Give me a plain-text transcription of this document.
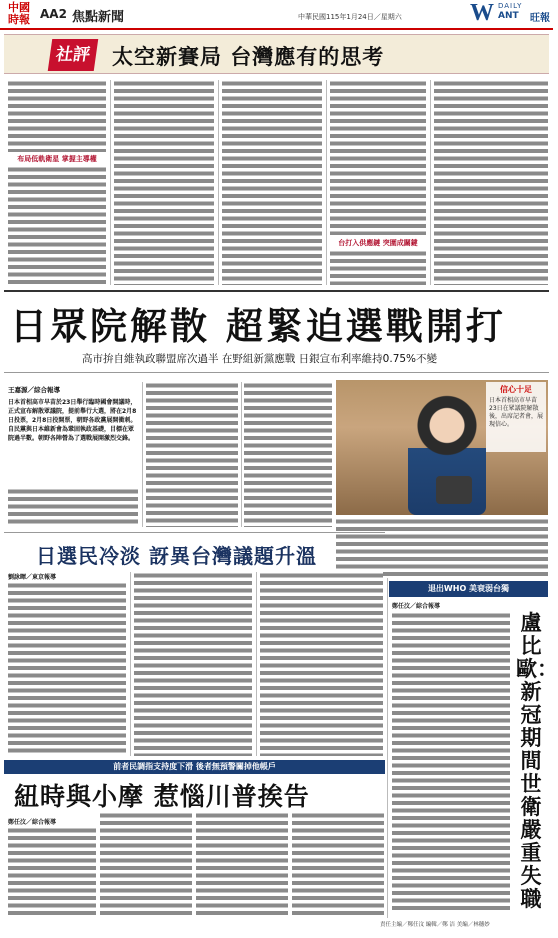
中國時報 AA2 焦點新聞	中華民國115年1月24日／星期六	W DAILY
ANT 旺報
社評 太空新賽局 台灣應有的思考
布局低軌衛星 掌握主導權
台打入供應鏈 突圍成關鍵
日眾院解散 超緊迫選戰開打
高市拚自維執政聯盟席次過半 在野組新黨應戰 日銀宣布利率維持0.75%不變
王嘉源／綜合報導
日本首相高市早苗於23日舉行臨時國會開議時，正式宣布解散眾議院，提前舉行大選，將在2月8日投票，2月8日投開票，朝野各政黨展開衝刺。自民黨與日本維新會為鞏固執政基礎，目標在眾院過半數。朝野各陣營為了選戰展開激烈交鋒。
信心十足
日本首相高市早苗23日在眾議院解散後，出席記者會，展現信心。
日選民冷淡 訝異台灣議題升溫
劉詠暉／東京報導
退出WHO 美衰弱台獨
鄭任汶／綜合報導
盧比歐：新冠期間世衛嚴重失職
前者民調指支持度下滑 後者無預警關掉他帳戶
紐時與小摩 惹惱川普挨告
鄭任汶／綜合報導
責任主編／鄭任汶 編輯／鄭 洁 美編／林穗妙
